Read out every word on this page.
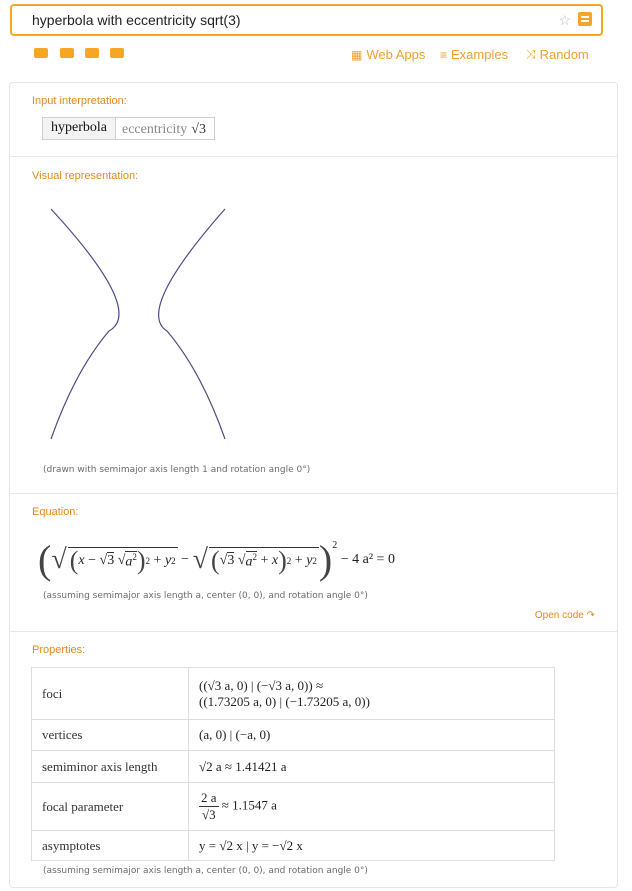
hyperbola with eccentricity sqrt(3)	☆
▦ Web Apps ≡ Examples ⤨ Random
Input interpretation:
hyperbola	eccentricity √3
Visual representation:
(drawn with semimajor axis length 1 and rotation angle 0°)
Equation:
( √ ( x − √ 3 √ $a^2$ ) 2 + y 2 − √ ( √ 3 √ $a^2 + x$ ) 2 + y 2 )$^2$

− 4 a² = 0
(assuming semimajor axis length a, center (0, 0), and rotation angle 0°)
Open code ↷
Properties:
foci	((√3 a, 0) | (−√3 a, 0)) ≈
((1.73205 a, 0) | (−1.73205 a, 0))

vertices	(a, 0) | (−a, 0)
semiminor axis length	√2 a ≈ 1.41421 a
focal parameter	$\frac{2 a}{√3} \approx 1.1547$ a
asymptotes	y = √2 x | y = −√2 x
(assuming semimajor axis length a, center (0, 0), and rotation angle 0°)
